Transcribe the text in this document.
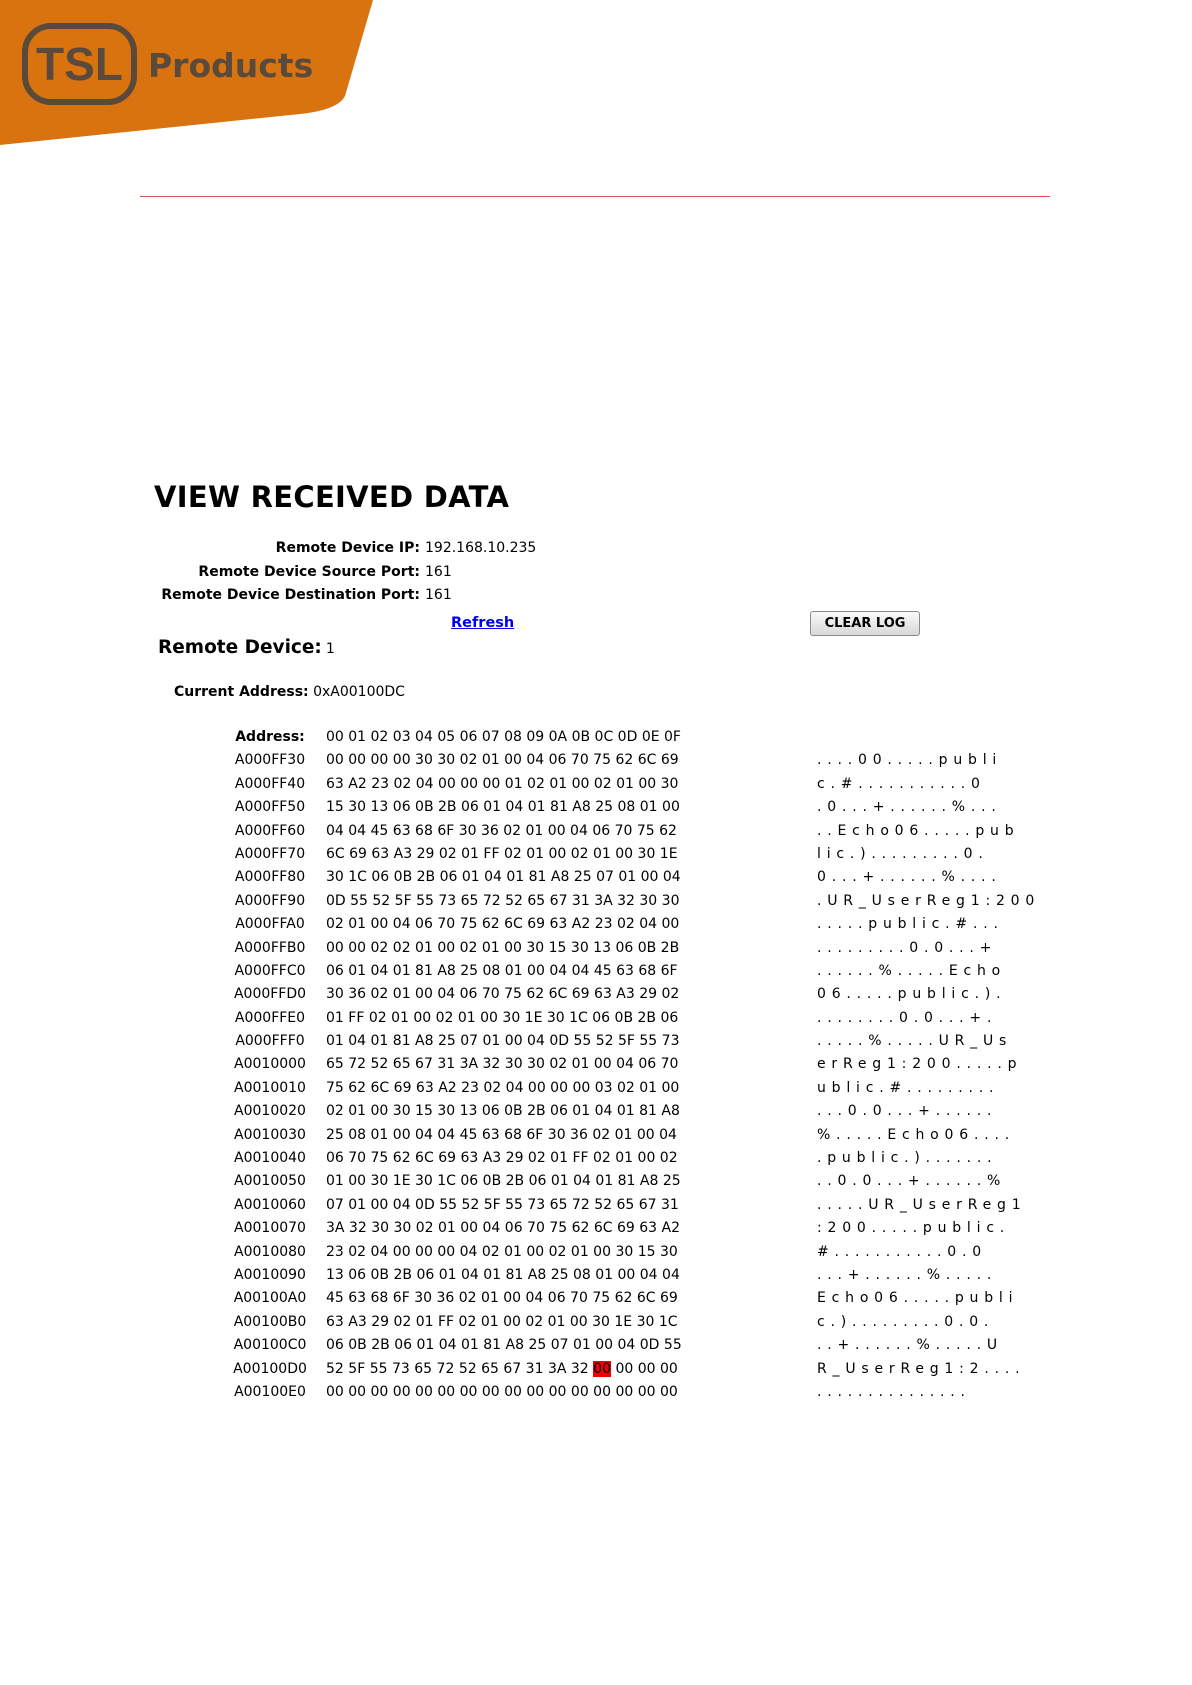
TSL Products
VIEW RECEIVED DATA
Remote Device IP: 192.168.10.235
Remote Device Source Port: 161
Remote Device Destination Port: 161
Refresh	CLEAR LOG
Remote Device: 1
Current Address: 0xA00100DC
Address:	00 01 02 03 04 05 06 07 08 09 0A 0B 0C 0D 0E 0F
A000FF30	00 00 00 00 30 30 02 01 00 04 06 70 75 62 6C 69	....00.....publi
A000FF40	63 A2 23 02 04 00 00 00 01 02 01 00 02 01 00 30	c.#...........0
A000FF50	15 30 13 06 0B 2B 06 01 04 01 81 A8 25 08 01 00	.0...+......%...
A000FF60	04 04 45 63 68 6F 30 36 02 01 00 04 06 70 75 62	..Echo06.....pub
A000FF70	6C 69 63 A3 29 02 01 FF 02 01 00 02 01 00 30 1E	lic.).........0.
A000FF80	30 1C 06 0B 2B 06 01 04 01 81 A8 25 07 01 00 04	0...+......%....
A000FF90	0D 55 52 5F 55 73 65 72 52 65 67 31 3A 32 30 30	.UR_UserReg1:200
A000FFA0	02 01 00 04 06 70 75 62 6C 69 63 A2 23 02 04 00	.....public.#...
A000FFB0	00 00 02 02 01 00 02 01 00 30 15 30 13 06 0B 2B	.........0.0...+
A000FFC0	06 01 04 01 81 A8 25 08 01 00 04 04 45 63 68 6F	......%.....Echo
A000FFD0 30 36 02 01 00 04 06 70 75 62 6C 69 63 A3 29 02	06.....public.).
A000FFE0	01 FF 02 01 00 02 01 00 30 1E 30 1C 06 0B 2B 06	........0.0...+.
A000FFF0	01 04 01 81 A8 25 07 01 00 04 0D 55 52 5F 55 73	.....%.....UR_Us
A0010000 65 72 52 65 67 31 3A 32 30 30 02 01 00 04 06 70	erReg1:200.....p
A0010010 75 62 6C 69 63 A2 23 02 04 00 00 00 03 02 01 00	ublic.#.........
A0010020 02 01 00 30 15 30 13 06 0B 2B 06 01 04 01 81 A8	...0.0...+......
A0010030 25 08 01 00 04 04 45 63 68 6F 30 36 02 01 00 04	%.....Echo06....
A0010040 06 70 75 62 6C 69 63 A3 29 02 01 FF 02 01 00 02	.public.).......
A0010050 01 00 30 1E 30 1C 06 0B 2B 06 01 04 01 81 A8 25	..0.0...+......%
A0010060 07 01 00 04 0D 55 52 5F 55 73 65 72 52 65 67 31	.....UR_UserReg1
A0010070 3A 32 30 30 02 01 00 04 06 70 75 62 6C 69 63 A2	:200.....public.
A0010080 23 02 04 00 00 00 04 02 01 00 02 01 00 30 15 30	#...........0.0
A0010090 13 06 0B 2B 06 01 04 01 81 A8 25 08 01 00 04 04	...+......%.....
A00100A0 45 63 68 6F 30 36 02 01 00 04 06 70 75 62 6C 69	Echo06.....publi
A00100B0 63 A3 29 02 01 FF 02 01 00 02 01 00 30 1E 30 1C	c.).........0.0.
A00100C0 06 0B 2B 06 01 04 01 81 A8 25 07 01 00 04 0D 55	..+......%.....U
A00100D0 52 5F 55 73 65 72 52 65 67 31 3A 32 00 00 00 00	R_UserReg1:2....
A00100E0 00 00 00 00 00 00 00 00 00 00 00 00 00 00 00 00	...............
